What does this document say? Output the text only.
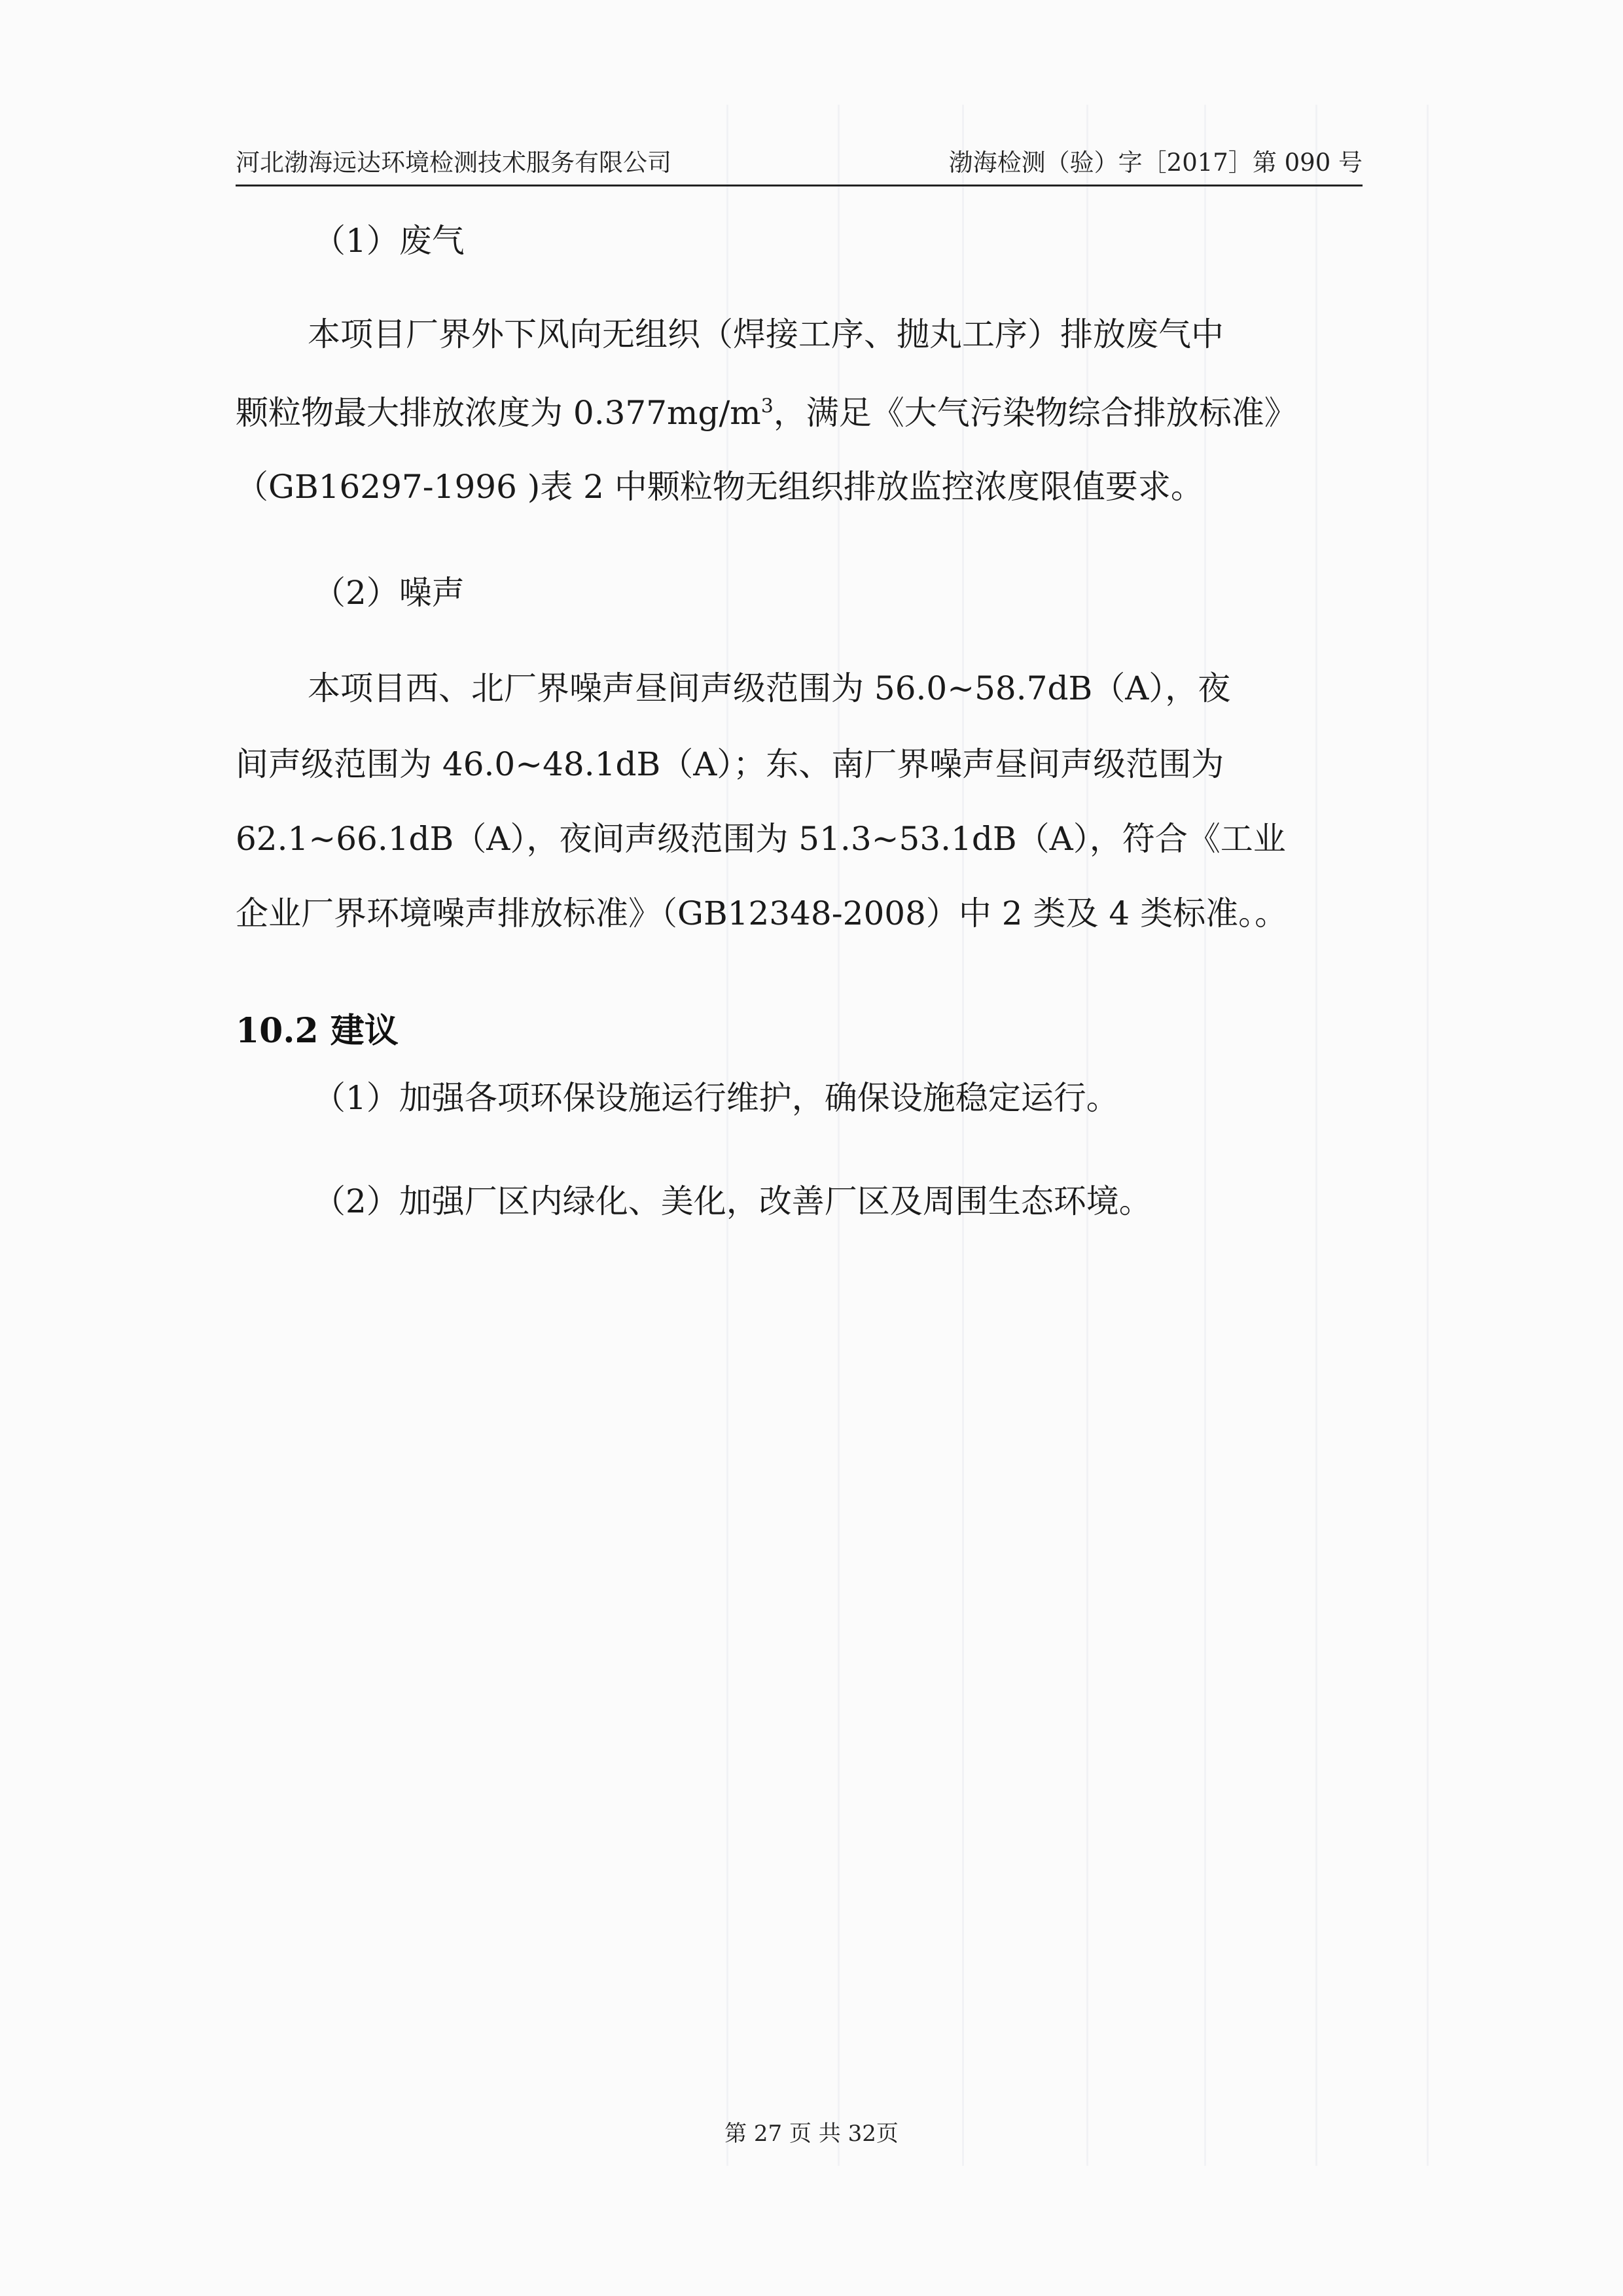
河北渤海远达环境检测技术服务有限公司	渤海检测（验）字［2017］第 090 号
（1）废气
本项目厂界外下风向无组织（焊接工序、抛丸工序）排放废气中
颗粒物最大排放浓度为 $0.377mg/m^3$，满足《大气污染物综合排放标准》
（GB16297-1996 )表 2 中颗粒物无组织排放监控浓度限值要求。
（2）噪声
本项目西、北厂界噪声昼间声级范围为 56.0~58.7dB（A），夜
间声级范围为 46.0~48.1dB（A）；东、南厂界噪声昼间声级范围为
62.1~66.1dB（A），夜间声级范围为 51.3~53.1dB（A），符合《工业
企业厂界环境噪声排放标准》（GB12348-2008）中 2 类及 4 类标准。。
10.2 建议
（1）加强各项环保设施运行维护，确保设施稳定运行。
（2）加强厂区内绿化、美化，改善厂区及周围生态环境。
第 27 页 共 32页
